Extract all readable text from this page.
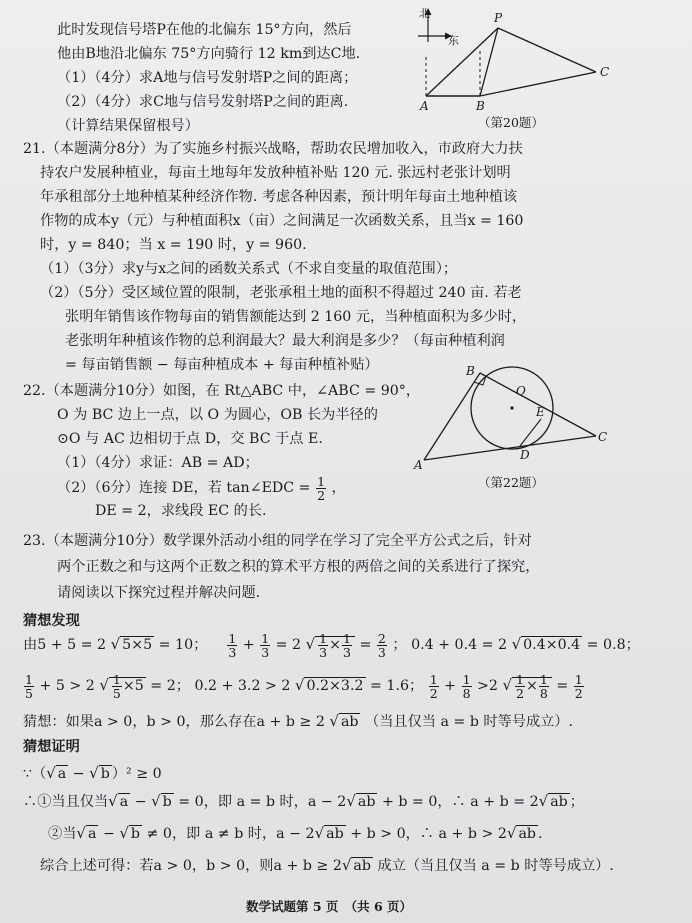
此时发现信号塔P在他的北偏东 15°方向，然后
他由B地沿北偏东 75°方向骑行 12 km到达C地.
（1）（4分）求A地与信号发射塔P之间的距离；
（2）（4分）求C地与信号发射塔P之间的距离.
（计算结果保留根号）
北
东
P
C
A	B
（第20题）
21.（本题满分8分）为了实施乡村振兴战略，帮助农民增加收入，市政府大力扶
持农户发展种植业，每亩土地每年发放种植补贴 120 元. 张远村老张计划明
年承租部分土地种植某种经济作物. 考虑各种因素，预计明年每亩土地种植该
作物的成本y（元）与种植面积x（亩）之间满足一次函数关系，且当x = 160
时，y = 840；当 x = 190 时，y = 960.
（1）（3分）求y与x之间的函数关系式（不求自变量的取值范围）；
（2）（5分）受区域位置的限制，老张承租土地的面积不得超过 240 亩. 若老
张明年销售该作物每亩的销售额能达到 2 160 元，当种植面积为多少时，
老张明年种植该作物的总利润最大？最大利润是多少？（每亩种植利润
= 每亩销售额 − 每亩种植成本 + 每亩种植补贴）
22.（本题满分10分）如图，在 Rt△ABC 中，∠ABC = 90°，
O 为 BC 边上一点，以 O 为圆心，OB 长为半径的
⊙O 与 AC 边相切于点 D，交 BC 于点 E.
（1）（4分）求证：AB = AD；
（2）（6分）连接 DE，若 tan∠EDC = $\frac{1}{2}$ ，
DE = 2，求线段 EC 的长.
B
O
E
C
A
D
（第22题）
23.（本题满分10分）数学课外活动小组的同学在学习了完全平方公式之后，针对
两个正数之和与这两个正数之积的算术平方根的两倍之间的关系进行了探究，
请阅读以下探究过程并解决问题.
猜想发现
由5 + 5 = 2 √ 5×5 = 10； $\frac{1}{3} + \frac{1}{3} = 2$ √ $\frac{1}{3} \times \frac{1}{3} = \frac{2}{3}$ ； 0.4 + 0.4 = 2 √ 0.4×0.4 = 0.8；
$\frac{1}{5} + 5 > 2$ √ $\frac{1}{5} \times 5 = 2$； 0.2 + 3.2 > 2 √ 0.2×3.2 = 1.6； $\frac{1}{2} + \frac{1}{8} >2$ √ $\frac{1}{2} \times \frac{1}{8} = \frac{1}{2}$
猜想：如果a > 0，b > 0，那么存在a + b ≥ 2 √ ab （当且仅当 a = b 时等号成立）.
猜想证明
∵（√ a − √ b ）² ≥ 0
∴①当且仅当√ a − √ b = 0，即 a = b 时，a − 2√ ab + b = 0，∴ a + b = 2√ ab ；
②当√ a − √ b ≠ 0，即 a ≠ b 时，a − 2√ ab + b > 0，∴ a + b > 2√ ab .
综合上述可得：若a > 0，b > 0，则a + b ≥ 2√ ab 成立（当且仅当 a = b 时等号成立）.
数学试题第 5 页　（共 6 页）
